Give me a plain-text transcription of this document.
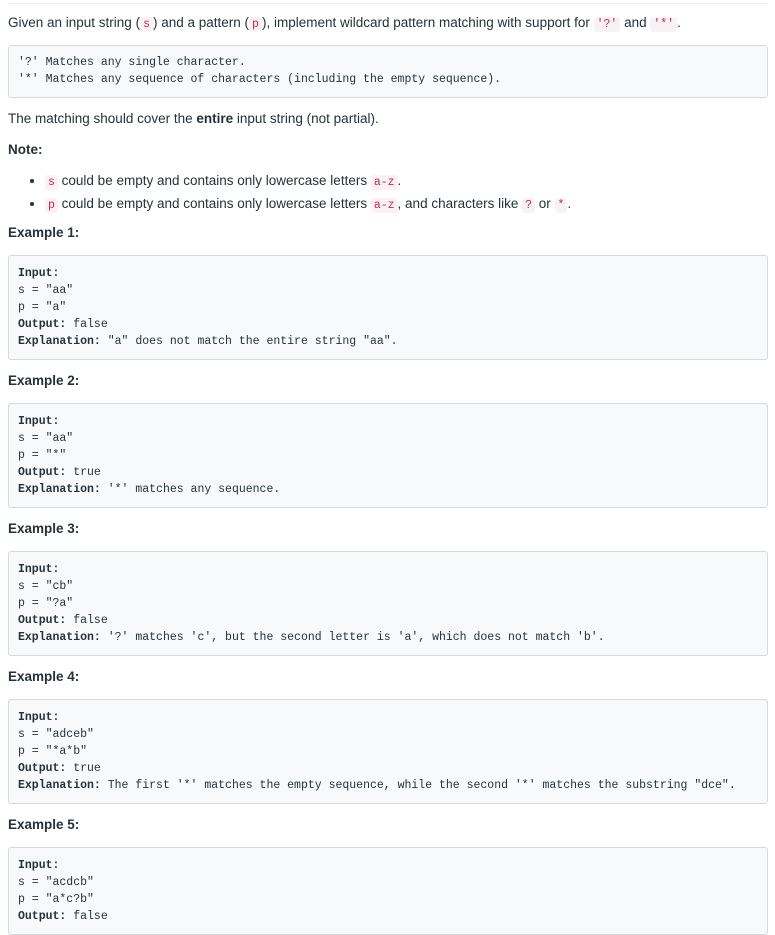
Given an input string ( s ) and a pattern ( p ), implement wildcard pattern matching with support for '?' and '*' .

'?' Matches any single character.
'*' Matches any sequence of characters (including the empty sequence).

The matching should cover the entire input string (not partial).

Note:

• s could be empty and contains only lowercase letters a-z .
• p could be empty and contains only lowercase letters a-z , and characters like ? or * .

Example 1:

Input:
s = "aa"
p = "a"
Output: false
Explanation: "a" does not match the entire string "aa".

Example 2:

Input:
s = "aa"
p = "*"
Output: true
Explanation: '*' matches any sequence.

Example 3:

Input:
s = "cb"
p = "?a"
Output: false
Explanation: '?' matches 'c', but the second letter is 'a', which does not match 'b'.

Example 4:

Input:
s = "adceb"
p = "*a*b"
Output: true
Explanation: The first '*' matches the empty sequence, while the second '*' matches the substring "dce".

Example 5:

Input:
s = "acdcb"
p = "a*c?b"
Output: false
